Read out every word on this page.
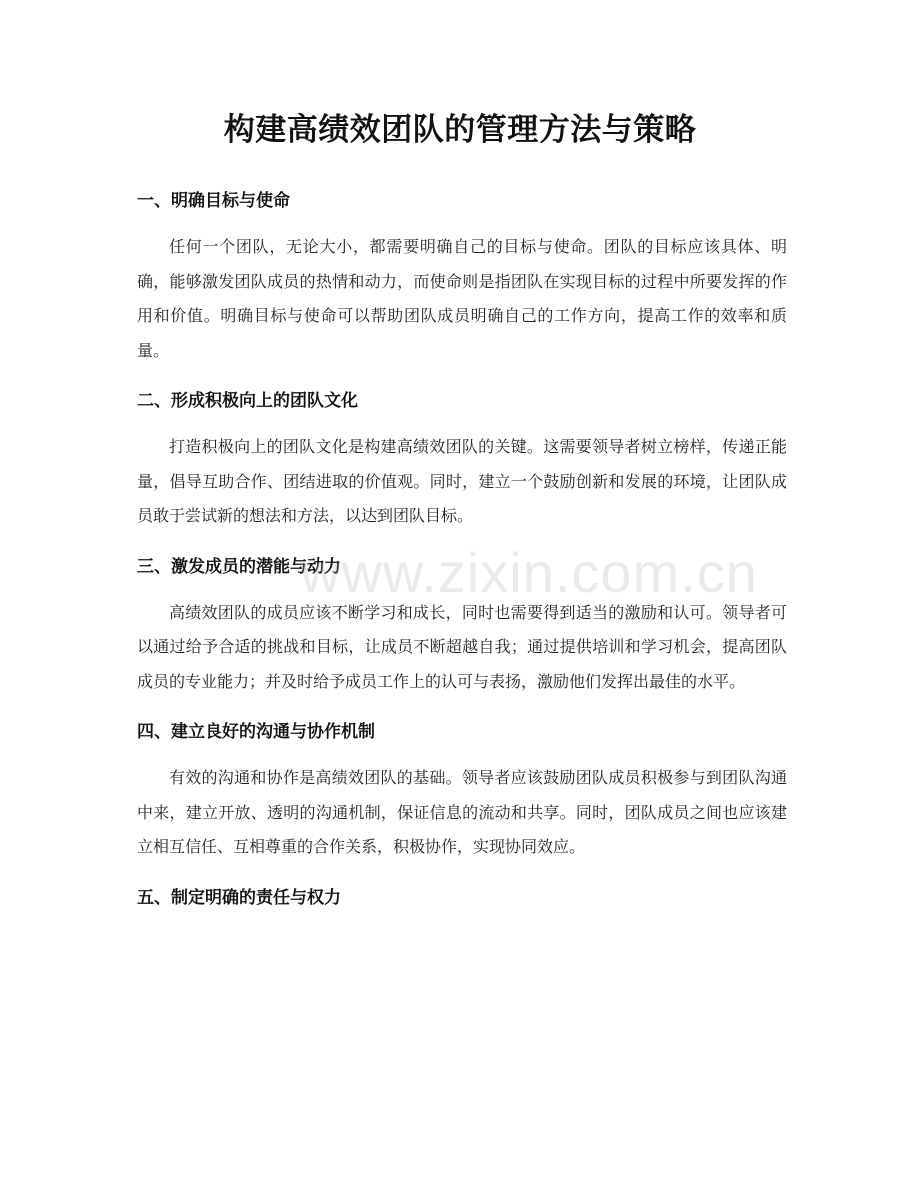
构建高绩效团队的管理方法与策略
一、明确目标与使命

任何一个团队，无论大小，都需要明确自己的目标与使命。团队的目标应该具体、明确，能够激发团队成员的热情和动力，而使命则是指团队在实现目标的过程中所要发挥的作用和价值。明确目标与使命可以帮助团队成员明确自己的工作方向，提高工作的效率和质量。

二、形成积极向上的团队文化

打造积极向上的团队文化是构建高绩效团队的关键。这需要领导者树立榜样，传递正能量，倡导互助合作、团结进取的价值观。同时，建立一个鼓励创新和发展的环境，让团队成员敢于尝试新的想法和方法，以达到团队目标。

三、激发成员的潜能与动力

高绩效团队的成员应该不断学习和成长，同时也需要得到适当的激励和认可。领导者可以通过给予合适的挑战和目标，让成员不断超越自我；通过提供培训和学习机会，提高团队成员的专业能力；并及时给予成员工作上的认可与表扬，激励他们发挥出最佳的水平。

四、建立良好的沟通与协作机制

有效的沟通和协作是高绩效团队的基础。领导者应该鼓励团队成员积极参与到团队沟通中来，建立开放、透明的沟通机制，保证信息的流动和共享。同时，团队成员之间也应该建立相互信任、互相尊重的合作关系，积极协作，实现协同效应。

五、制定明确的责任与权力
www.zixin.com.cn
